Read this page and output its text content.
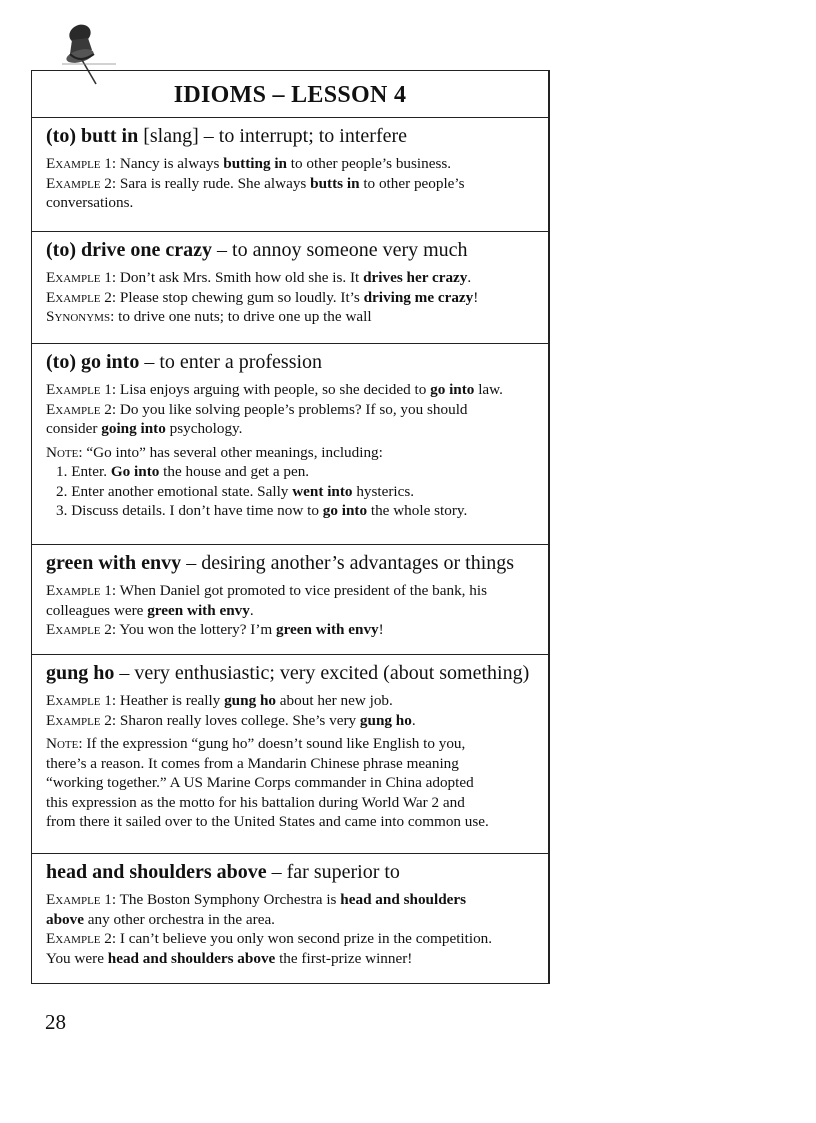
IDIOMS – LESSON 4
(to) butt in [slang] – to interrupt; to interfere
Example 1: Nancy is always butting in to other people’s business.
Example 2: Sara is really rude. She always butts in to other people’s
conversations.
(to) drive one crazy – to annoy someone very much
Example 1: Don’t ask Mrs. Smith how old she is. It drives her crazy.
Example 2: Please stop chewing gum so loudly. It’s driving me crazy!
Synonyms: to drive one nuts; to drive one up the wall
(to) go into – to enter a profession
Example 1: Lisa enjoys arguing with people, so she decided to go into law.
Example 2: Do you like solving people’s problems? If so, you should
consider going into psychology.
Note: “Go into” has several other meanings, including:
1. Enter. Go into the house and get a pen.
2. Enter another emotional state. Sally went into hysterics.
3. Discuss details. I don’t have time now to go into the whole story.
green with envy – desiring another’s advantages or things
Example 1: When Daniel got promoted to vice president of the bank, his
colleagues were green with envy.
Example 2: You won the lottery? I’m green with envy!
gung ho – very enthusiastic; very excited (about something)
Example 1: Heather is really gung ho about her new job.
Example 2: Sharon really loves college. She’s very gung ho.
Note: If the expression “gung ho” doesn’t sound like English to you,
there’s a reason. It comes from a Mandarin Chinese phrase meaning
“working together.” A US Marine Corps commander in China adopted
this expression as the motto for his battalion during World War 2 and
from there it sailed over to the United States and came into common use.
head and shoulders above – far superior to
Example 1: The Boston Symphony Orchestra is head and shoulders
above any other orchestra in the area.
Example 2: I can’t believe you only won second prize in the competition.
You were head and shoulders above the first-prize winner!
28
